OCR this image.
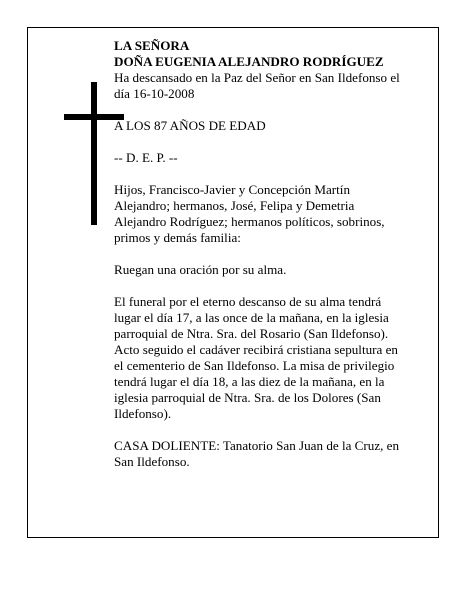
LA SEÑORA

DOÑA EUGENIA ALEJANDRO RODRÍGUEZ

Ha descansado en la Paz del Señor en San Ildefonso el

día 16-10-2008

A LOS 87 AÑOS DE EDAD

-- D. E. P. --

Hijos, Francisco-Javier y Concepción Martín

Alejandro; hermanos, José, Felipa y Demetria

Alejandro Rodríguez; hermanos políticos, sobrinos,

primos y demás familia:

Ruegan una oración por su alma.

El funeral por el eterno descanso de su alma tendrá

lugar el día 17, a las once de la mañana, en la iglesia

parroquial de Ntra. Sra. del Rosario (San Ildefonso).

Acto seguido el cadáver recibirá cristiana sepultura en

el cementerio de San Ildefonso. La misa de privilegio

tendrá lugar el día 18, a las diez de la mañana, en la

iglesia parroquial de Ntra. Sra. de los Dolores (San

Ildefonso).

CASA DOLIENTE: Tanatorio San Juan de la Cruz, en

San Ildefonso.
